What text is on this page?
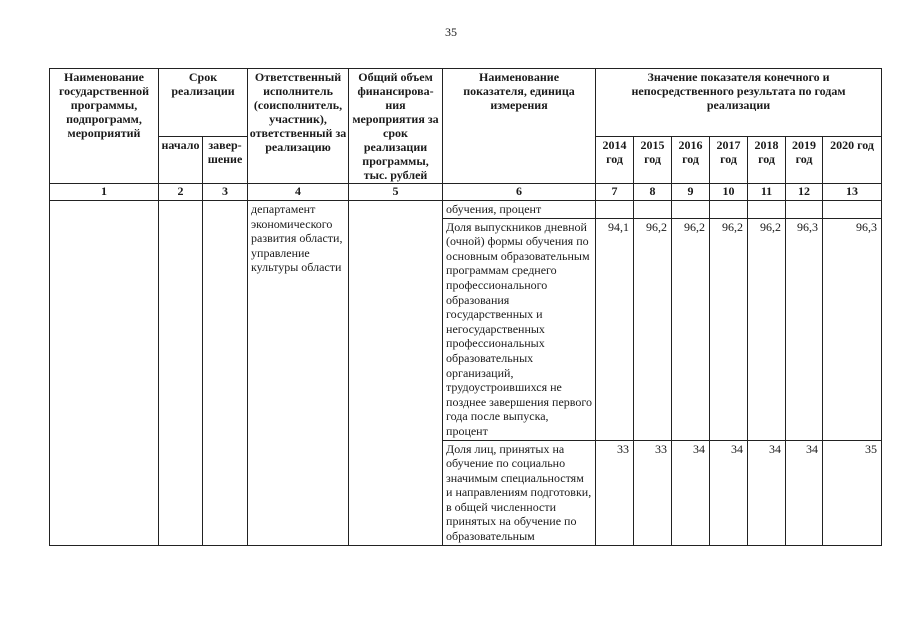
35
Наименование государственной программы, подпрограмм, мероприятий	Срок реализации		Ответственный исполнитель (соисполнитель, участник), ответственный за реализацию	Общий объем финансирова-ния мероприятия за срок реализации программы, тыс. рублей	Наименование показателя, единица измерения	Значение показателя конечного и непосредственного результата по годам реализации						
	начало	завер-шение				2014 год	2015 год	2016 год	2017 год	2018 год	2019 год	2020 год
1	2	3	4	5	6	7	8	9	10	11	12	13
			департамент экономического развития области, управление культуры области		обучения, процент							
					Доля выпускников дневной (очной) формы обучения по основным образовательным программам среднего профессионального образования государственных и негосударственных профессиональных образовательных организаций, трудоустроившихся не позднее завершения первого года после выпуска, процент	94,1	96,2	96,2	96,2	96,2	96,3	96,3
					Доля лиц, принятых на обучение по социально значимым специальностям и направлениям подготовки, в общей численности принятых на обучение по образовательным	33	33	34	34	34	34	35
